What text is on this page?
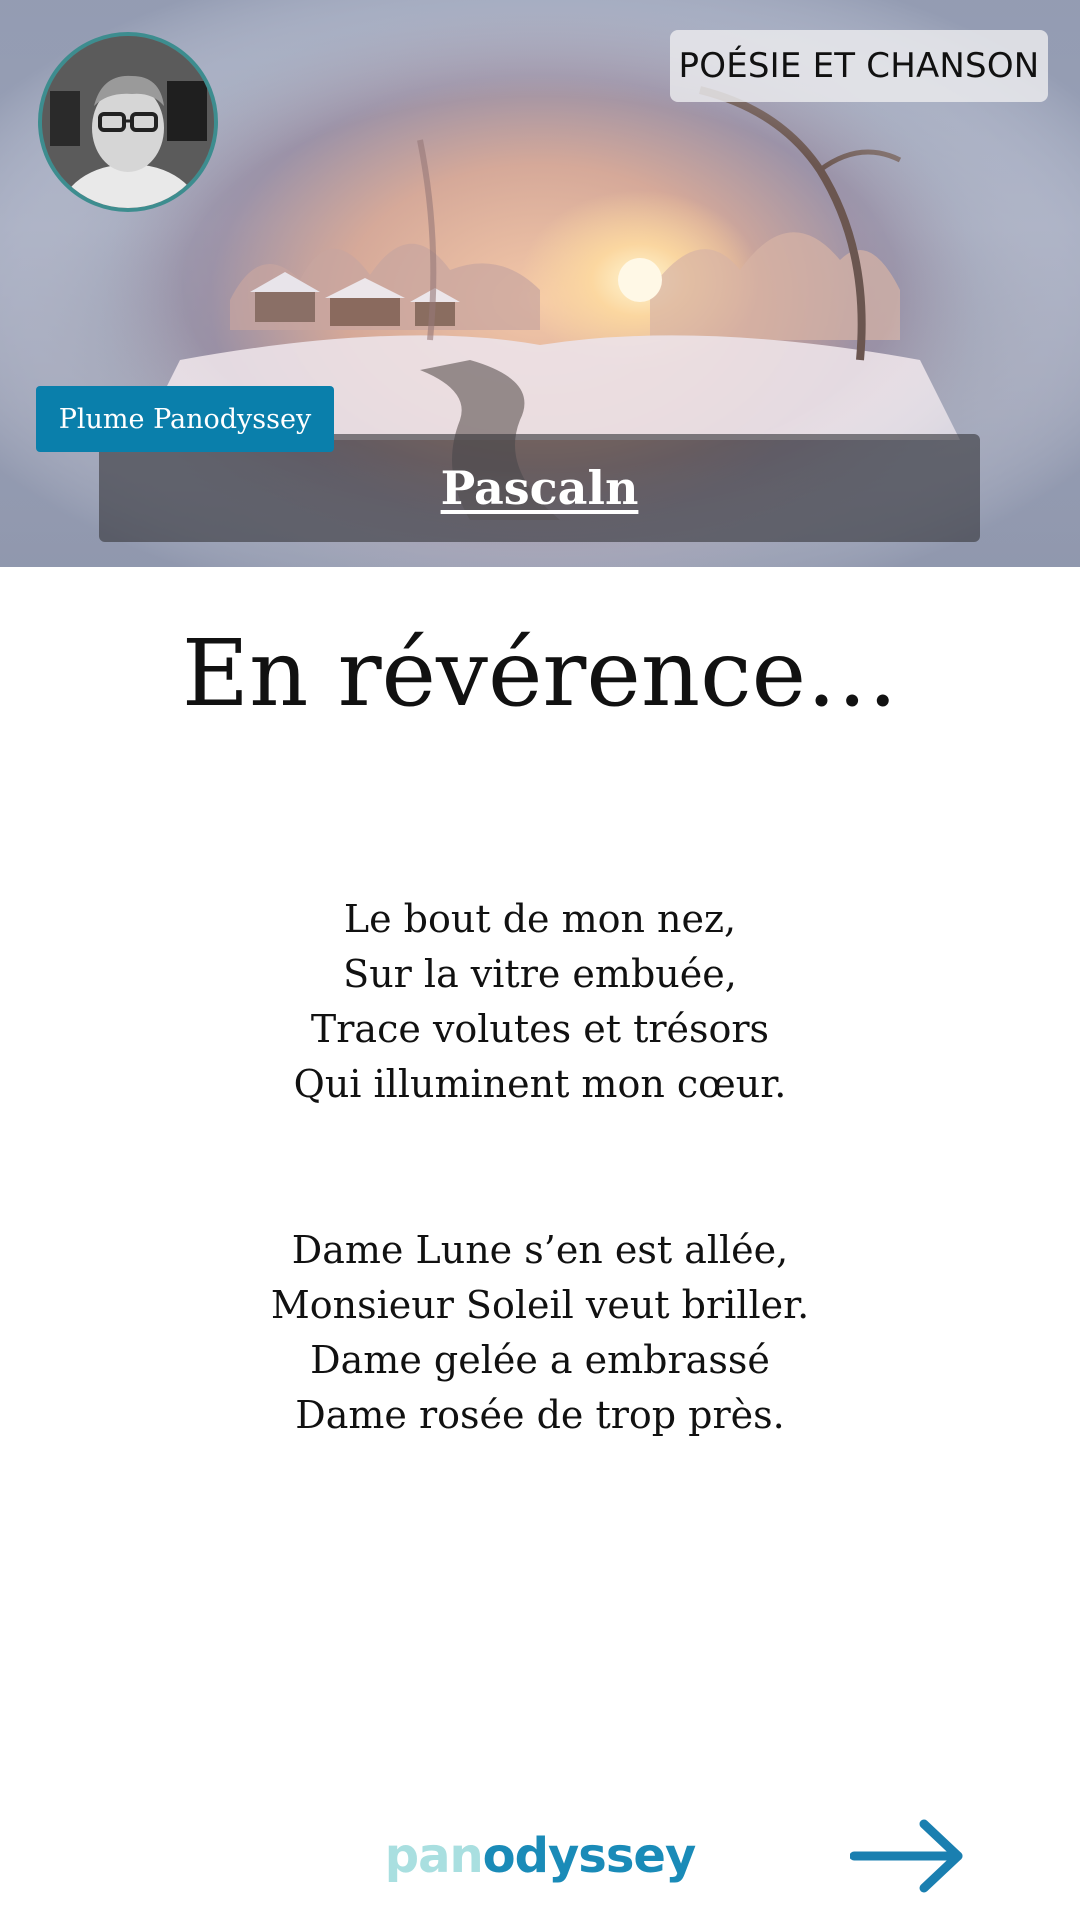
POÉSIE ET CHANSON
Pascaln
Plume Panodyssey
En révérence…
Le bout de mon nez,
Sur la vitre embuée,
Trace volutes et trésors
Qui illuminent mon cœur.
Dame Lune s’en est allée,
Monsieur Soleil veut briller.
Dame gelée a embrassé
Dame rosée de trop près.
panodyssey
